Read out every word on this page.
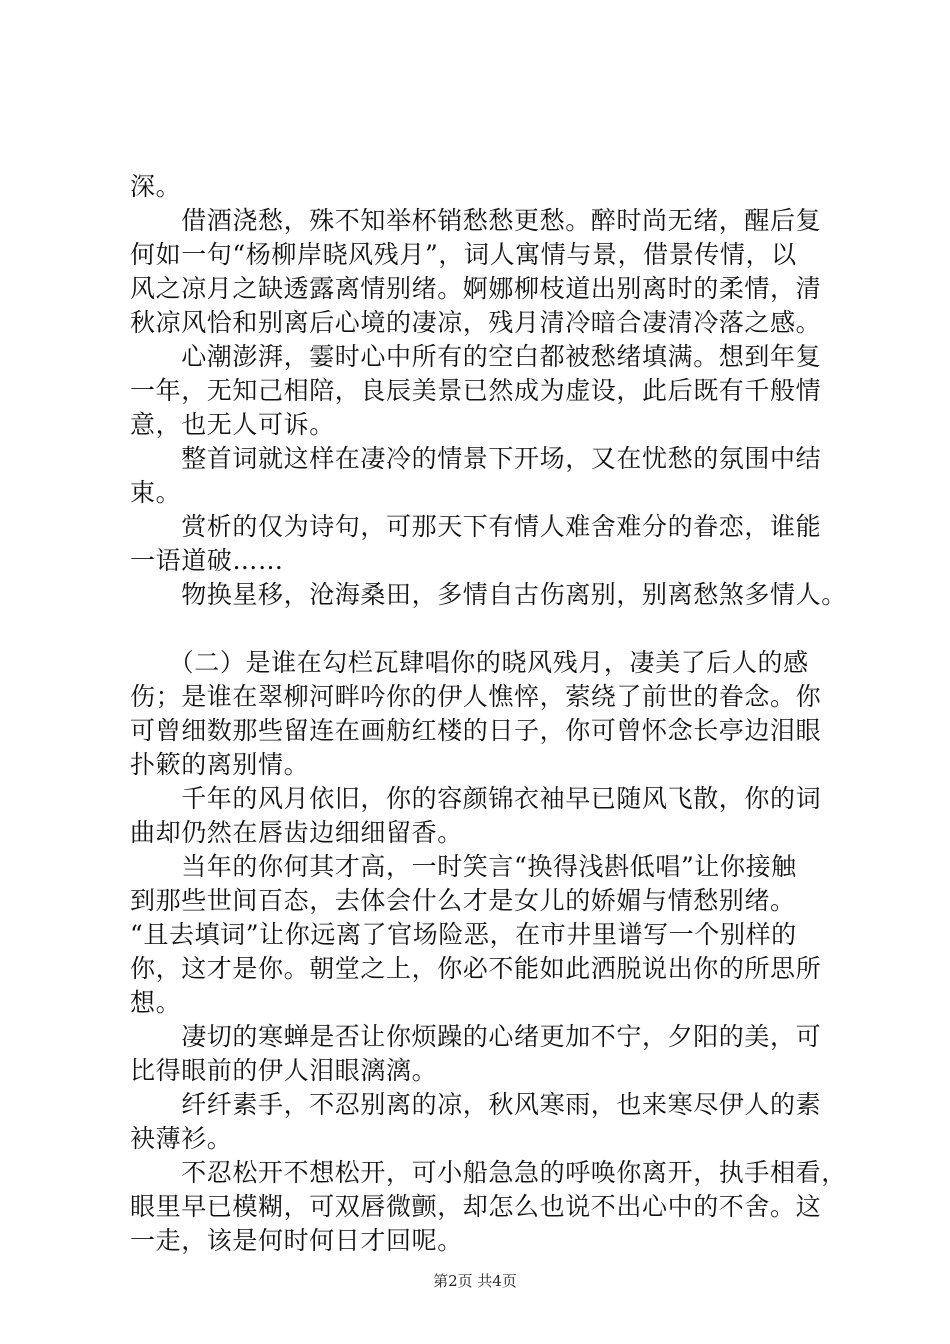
深。

　　借酒浇愁，殊不知举杯销愁愁更愁。醉时尚无绪，醒后复

何如一句“杨柳岸晓风残月”，词人寓情与景，借景传情，以

风之凉月之缺透露离情别绪。婀娜柳枝道出别离时的柔情，清

秋凉风恰和别离后心境的凄凉，残月清冷暗合凄清冷落之感。

　　心潮澎湃，霎时心中所有的空白都被愁绪填满。想到年复

一年，无知己相陪，良辰美景已然成为虚设，此后既有千般情

意，也无人可诉。

　　整首词就这样在凄冷的情景下开场，又在忧愁的氛围中结

束。

　　赏析的仅为诗句，可那天下有情人难舍难分的眷恋，谁能

一语道破……

　　物换星移，沧海桑田，多情自古伤离别，别离愁煞多情人。

　　（二）是谁在勾栏瓦肆唱你的晓风残月，凄美了后人的感

伤；是谁在翠柳河畔吟你的伊人憔悴，萦绕了前世的眷念。你

可曾细数那些留连在画舫红楼的日子，你可曾怀念长亭边泪眼

扑簌的离别情。

　　千年的风月依旧，你的容颜锦衣袖早已随风飞散，你的词

曲却仍然在唇齿边细细留香。

　　当年的你何其才高，一时笑言“换得浅斟低唱”让你接触

到那些世间百态，去体会什么才是女儿的娇媚与情愁别绪。

“且去填词”让你远离了官场险恶，在市井里谱写一个别样的

你，这才是你。朝堂之上，你必不能如此洒脱说出你的所思所

想。

　　凄切的寒蝉是否让你烦躁的心绪更加不宁，夕阳的美，可

比得眼前的伊人泪眼漓漓。

　　纤纤素手，不忍别离的凉，秋风寒雨，也来寒尽伊人的素

袂薄衫。

　　不忍松开不想松开，可小船急急的呼唤你离开，执手相看，

眼里早已模糊，可双唇微颤，却怎么也说不出心中的不舍。这

一走，该是何时何日才回呢。

第2页 共4页
